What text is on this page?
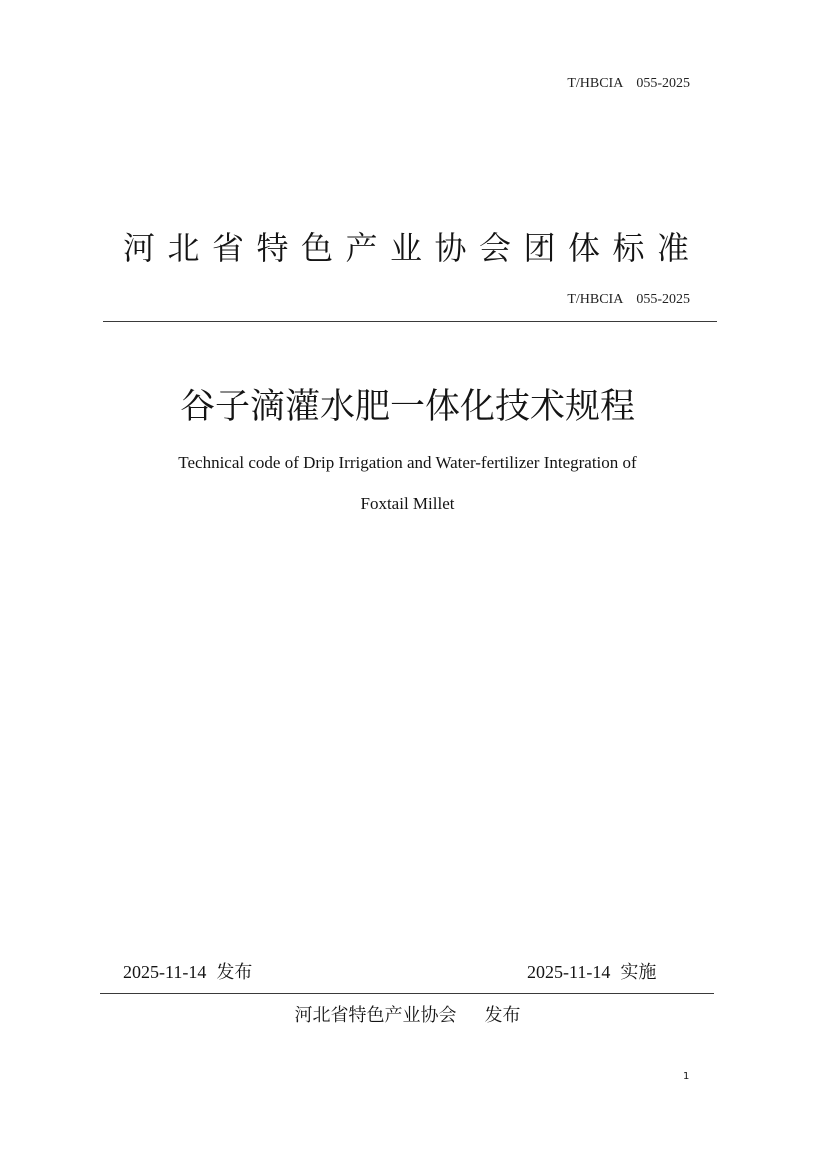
T/HBCIA 055-2025
河北省特色产业协会团体标准
T/HBCIA 055-2025
谷子滴灌水肥一体化技术规程
Technical code of Drip Irrigation and Water-fertilizer Integration of
Foxtail Millet
2025-11-14 发布	2025-11-14 实施
河北省特色产业协会 发布
1
